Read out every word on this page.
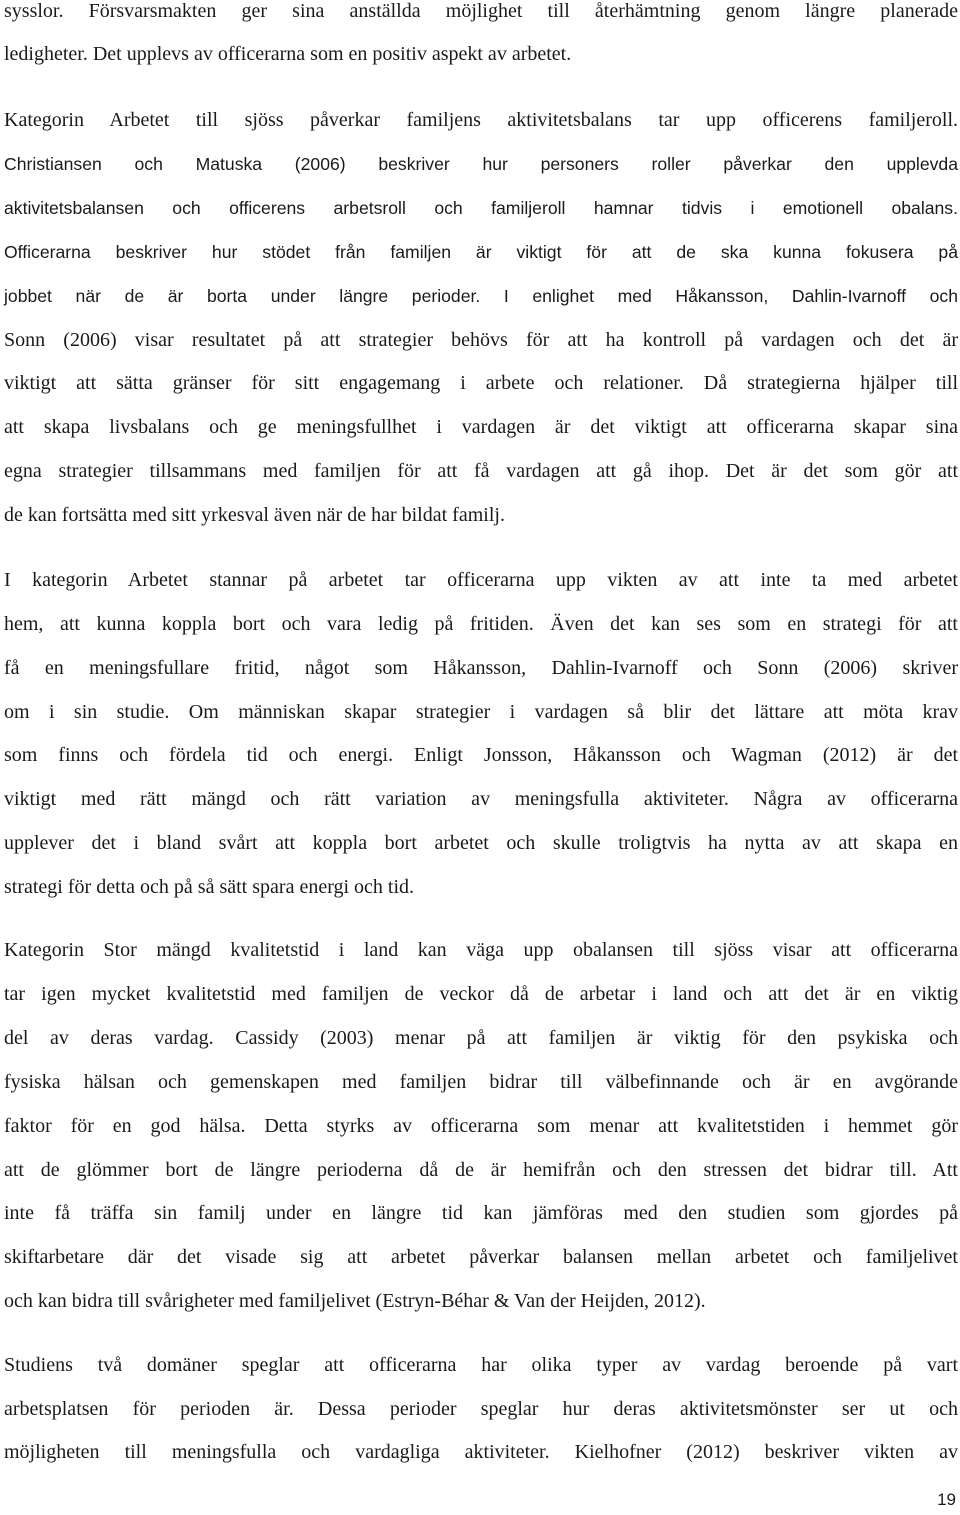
sysslor. Försvarsmakten ger sina anställda möjlighet till återhämtning genom längre planerade

ledigheter. Det upplevs av officerarna som en positiv aspekt av arbetet.

Kategorin Arbetet till sjöss påverkar familjens aktivitetsbalans tar upp officerens familjeroll.

Christiansen och Matuska (2006) beskriver hur personers roller påverkar den upplevda

aktivitetsbalansen och officerens arbetsroll och familjeroll hamnar tidvis i emotionell obalans.

Officerarna beskriver hur stödet från familjen är viktigt för att de ska kunna fokusera på

jobbet när de är borta under längre perioder. I enlighet med Håkansson, Dahlin-Ivarnoff och

Sonn (2006) visar resultatet på att strategier behövs för att ha kontroll på vardagen och det är

viktigt att sätta gränser för sitt engagemang i arbete och relationer. Då strategierna hjälper till

att skapa livsbalans och ge meningsfullhet i vardagen är det viktigt att officerarna skapar sina

egna strategier tillsammans med familjen för att få vardagen att gå ihop. Det är det som gör att

de kan fortsätta med sitt yrkesval även när de har bildat familj.

I kategorin Arbetet stannar på arbetet tar officerarna upp vikten av att inte ta med arbetet

hem, att kunna koppla bort och vara ledig på fritiden. Även det kan ses som en strategi för att

få en meningsfullare fritid, något som Håkansson, Dahlin-Ivarnoff och Sonn (2006) skriver

om i sin studie. Om människan skapar strategier i vardagen så blir det lättare att möta krav

som finns och fördela tid och energi. Enligt Jonsson, Håkansson och Wagman (2012) är det

viktigt med rätt mängd och rätt variation av meningsfulla aktiviteter. Några av officerarna

upplever det i bland svårt att koppla bort arbetet och skulle troligtvis ha nytta av att skapa en

strategi för detta och på så sätt spara energi och tid.

Kategorin Stor mängd kvalitetstid i land kan väga upp obalansen till sjöss visar att officerarna

tar igen mycket kvalitetstid med familjen de veckor då de arbetar i land och att det är en viktig

del av deras vardag. Cassidy (2003) menar på att familjen är viktig för den psykiska och

fysiska hälsan och gemenskapen med familjen bidrar till välbefinnande och är en avgörande

faktor för en god hälsa. Detta styrks av officerarna som menar att kvalitetstiden i hemmet gör

att de glömmer bort de längre perioderna då de är hemifrån och den stressen det bidrar till. Att

inte få träffa sin familj under en längre tid kan jämföras med den studien som gjordes på

skiftarbetare där det visade sig att arbetet påverkar balansen mellan arbetet och familjelivet

och kan bidra till svårigheter med familjelivet (Estryn-Béhar & Van der Heijden, 2012).

Studiens två domäner speglar att officerarna har olika typer av vardag beroende på vart

arbetsplatsen för perioden är. Dessa perioder speglar hur deras aktivitetsmönster ser ut och

möjligheten till meningsfulla och vardagliga aktiviteter. Kielhofner (2012) beskriver vikten av

19
